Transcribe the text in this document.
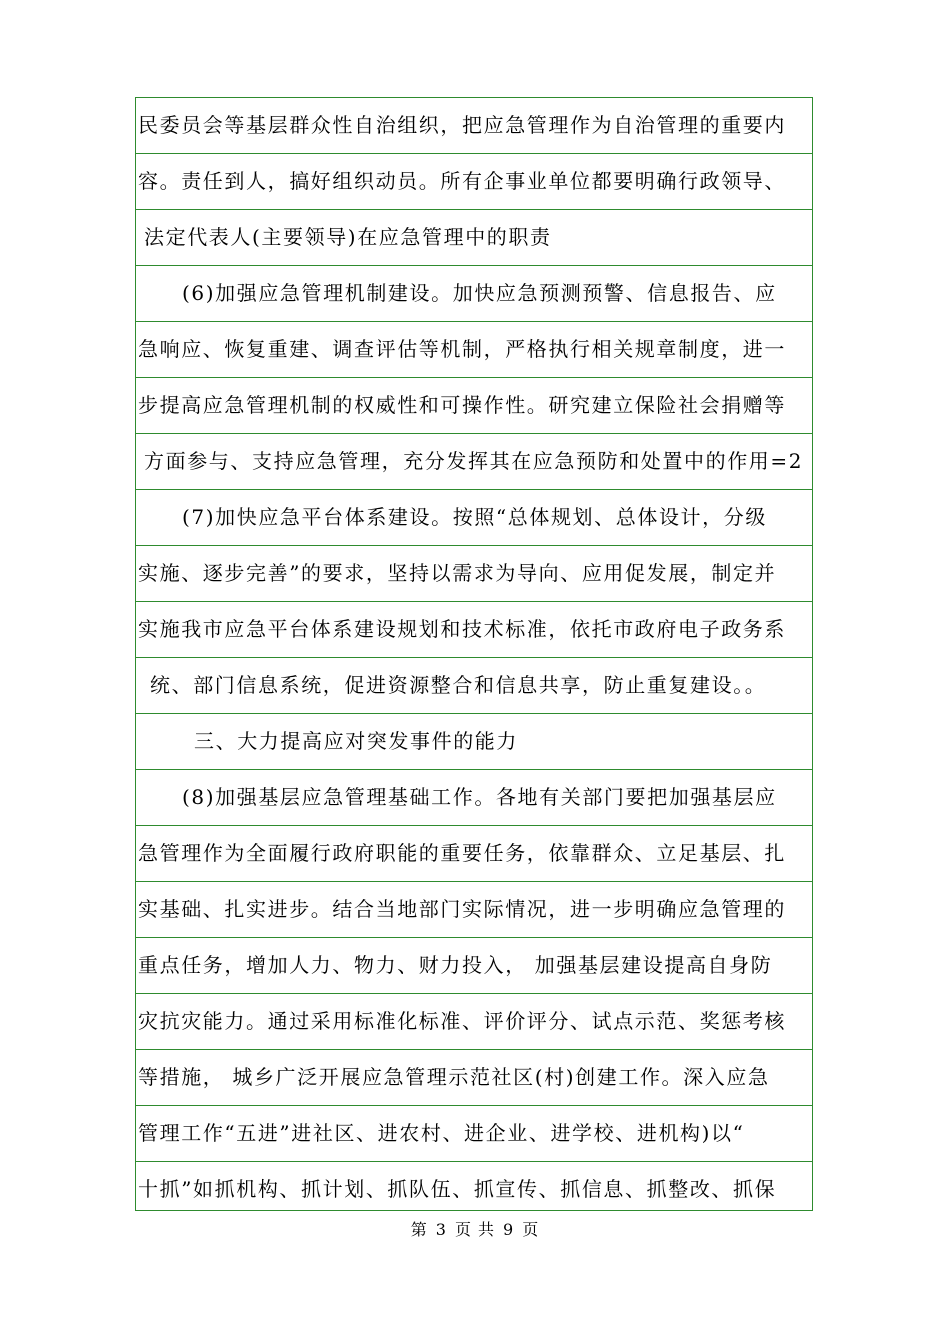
民委员会等基层群众性自治组织，把应急管理作为自治管理的重要内
容。责任到人，搞好组织动员。所有企事业单位都要明确行政领导、
法定代表人(主要领导)在应急管理中的职责
(6)加强应急管理机制建设。加快应急预测预警、信息报告、应
急响应、恢复重建、调查评估等机制，严格执行相关规章制度，进一
步提高应急管理机制的权威性和可操作性。研究建立保险社会捐赠等
方面参与、支持应急管理，充分发挥其在应急预防和处置中的作用=2
(7)加快应急平台体系建设。按照“总体规划、总体设计，分级
实施、逐步完善”的要求，坚持以需求为导向、应用促发展，制定并
实施我市应急平台体系建设规划和技术标准，依托市政府电子政务系
统、部门信息系统，促进资源整合和信息共享，防止重复建设。。
三、大力提高应对突发事件的能力
(8)加强基层应急管理基础工作。各地有关部门要把加强基层应
急管理作为全面履行政府职能的重要任务，依靠群众、立足基层、扎
实基础、扎实进步。结合当地部门实际情况，进一步明确应急管理的
重点任务，增加人力、物力、财力投入， 加强基层建设提高自身防
灾抗灾能力。通过采用标准化标准、评价评分、试点示范、奖惩考核
等措施， 城乡广泛开展应急管理示范社区(村)创建工作。深入应急
管理工作“五进”进社区、进农村、进企业、进学校、进机构)以“
十抓”如抓机构、抓计划、抓队伍、抓宣传、抓信息、抓整改、抓保
第 3 页 共 9 页
